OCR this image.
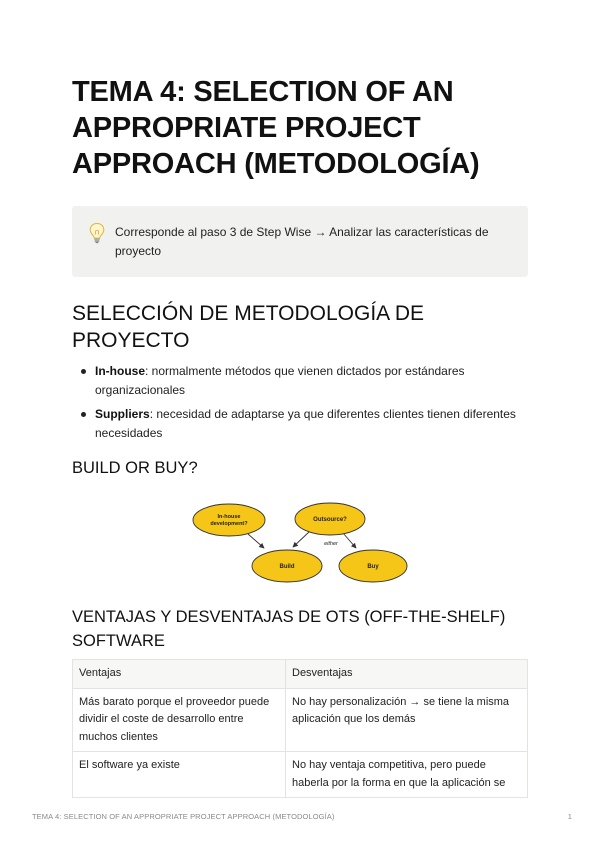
TEMA 4: SELECTION OF AN APPROPRIATE PROJECT APPROACH (METODOLOGÍA)
Corresponde al paso 3 de Step Wise → Analizar las características de proyecto
SELECCIÓN DE METODOLOGÍA DE PROYECTO
In-house: normalmente métodos que vienen dictados por estándares organizacionales
Suppliers: necesidad de adaptarse ya que diferentes clientes tienen diferentes necesidades
BUILD OR BUY?
In-house
development?
Outsource?
either
Build	Buy
VENTAJAS Y DESVENTAJAS DE OTS (OFF-THE-SHELF) SOFTWARE
Ventajas	Desventajas
Más barato porque el proveedor puede dividir el coste de desarrollo entre muchos clientes	No hay personalización → se tiene la misma aplicación que los demás
El software ya existe	No hay ventaja competitiva, pero puede haberla por la forma en que la aplicación se
TEMA 4: SELECTION OF AN APPROPRIATE PROJECT APPROACH (METODOLOGÍA)	1
